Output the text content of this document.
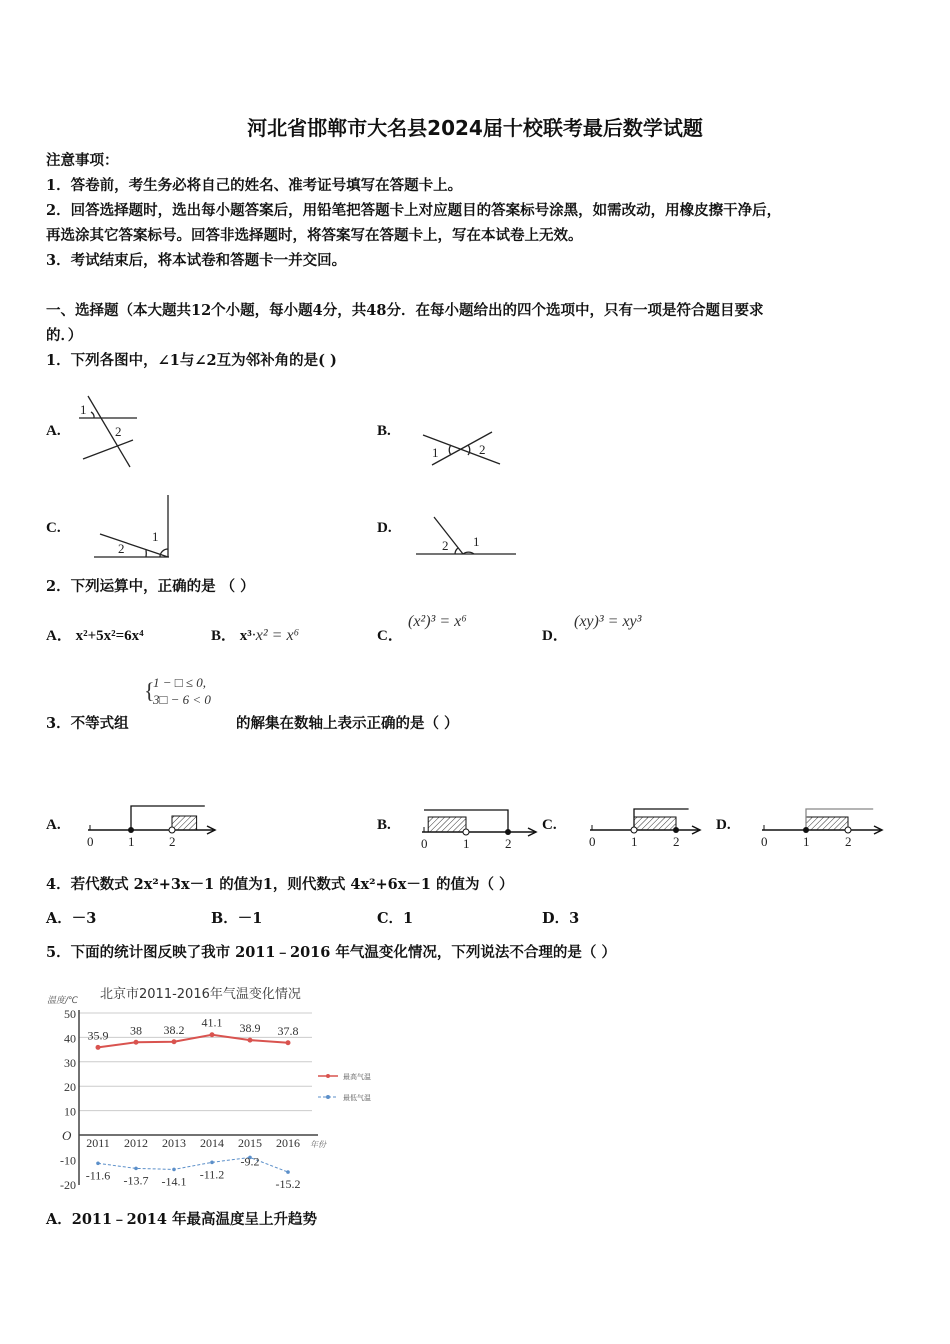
河北省邯郸市大名县2024届十校联考最后数学试题
注意事项：
1．答卷前，考生务必将自己的姓名、准考证号填写在答题卡上。
2．回答选择题时，选出每小题答案后，用铅笔把答题卡上对应题目的答案标号涂黑，如需改动，用橡皮擦干净后，
再选涂其它答案标号。回答非选择题时，将答案写在答题卡上，写在本试卷上无效。
3．考试结束后，将本试卷和答题卡一并交回。
一、选择题（本大题共12个小题，每小题4分，共48分．在每小题给出的四个选项中，只有一项是符合题目要求
的．）
1．下列各图中，∠1与∠2互为邻补角的是( )
A.	B.
C.	D.
1
2
1	2
2
1
2 1
2．下列运算中，正确的是 （ ）
A． x²+5x²=6x⁴	B． x³·x² = x⁶	C．
(x²)³ = x⁶
D．
(xy)³ = xy³
{
1 − □ ≤ 0,
3□ − 6 < 0
3．不等式组	的解集在数轴上表示正确的是（ ）
A.	B.	C.	D.
0	1	2	0	1	2	0	1	2	0	1	2
4．若代数式 2x²+3x－1 的值为1，则代数式 4x²+6x－1 的值为（ ）
A．－3	B．－1	C．1	D．3
5．下面的统计图反映了我市 2011﹣2016 年气温变化情况，下列说法不合理的是（ ）
北京市2011-2016年气温变化情况
温度/℃
50
40
30
20
10
-10
-20
O 2011 2012 2013 2014 2015 2016 年份
35.9 38 38.2
41.1 38.9 37.8
最高气温
-11.6 -13.7 -14.1
-11.2
-9.2
-15.2
最低气温
A．2011﹣2014 年最高温度呈上升趋势
